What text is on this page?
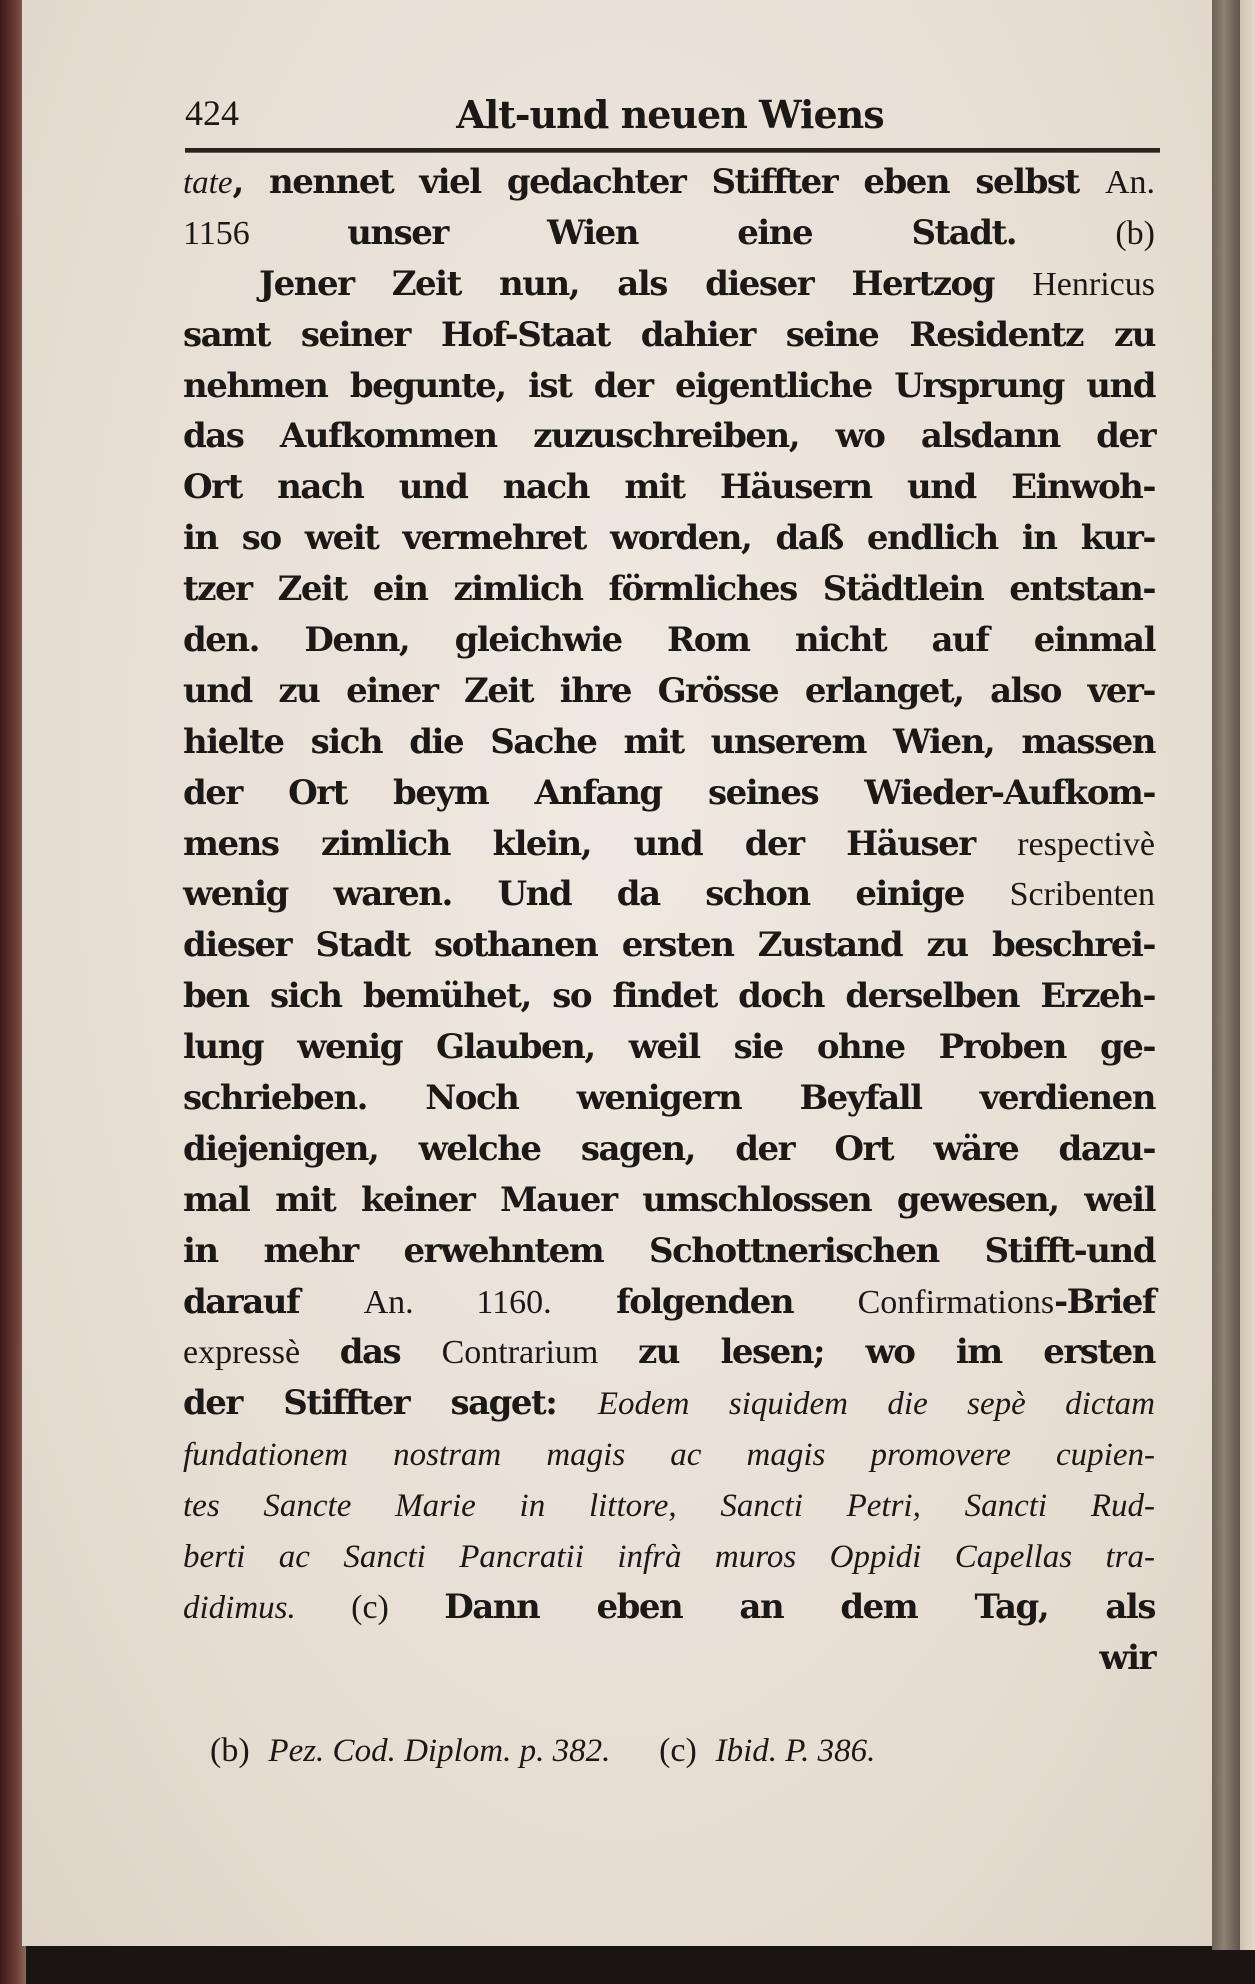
424	Alt-und neuen Wiens
tate, nennet viel gedachter Stiffter eben selbst An.
1156 unser Wien eine Stadt. (b)
Jener Zeit nun, als dieser Hertzog Henricus
samt seiner Hof-Staat dahier seine Residentz zu
nehmen begunte, ist der eigentliche Ursprung und
das Aufkommen zuzuschreiben, wo alsdann der
Ort nach und nach mit Häusern und Einwoh-
in so weit vermehret worden, daß endlich in kur-
tzer Zeit ein zimlich förmliches Städtlein entstan-
den. Denn, gleichwie Rom nicht auf einmal
und zu einer Zeit ihre Grösse erlanget, also ver-
hielte sich die Sache mit unserem Wien, massen
der Ort beym Anfang seines Wieder-Aufkom-
mens zimlich klein, und der Häuser respectivè
wenig waren. Und da schon einige Scribenten
dieser Stadt sothanen ersten Zustand zu beschrei-
ben sich bemühet, so findet doch derselben Erzeh-
lung wenig Glauben, weil sie ohne Proben ge-
schrieben. Noch wenigern Beyfall verdienen
diejenigen, welche sagen, der Ort wäre dazu-
mal mit keiner Mauer umschlossen gewesen, weil
in mehr erwehntem Schottnerischen Stifft-und
darauf An. 1160. folgenden Confirmations-Brief
expressè das Contrarium zu lesen; wo im ersten
der Stiffter saget: Eodem siquidem die sepè dictam
fundationem nostram magis ac magis promovere cupien-
tes Sancte Marie in littore, Sancti Petri, Sancti Rud-
berti ac Sancti Pancratii infrà muros Oppidi Capellas tra-
didimus. (c) Dann eben an dem Tag, als
wir
(b) Pez. Cod. Diplom. p. 382. (c) Ibid. P. 386.
